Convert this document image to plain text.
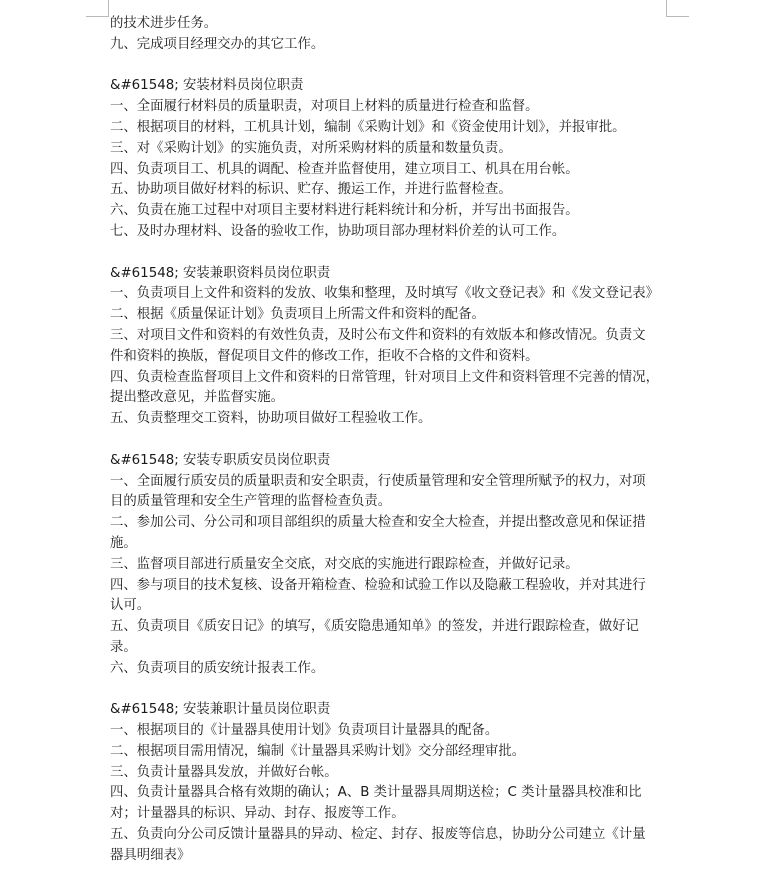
的技术进步任务。
九、完成项目经理交办的其它工作。
&#61548; 安装材料员岗位职责
一、全面履行材料员的质量职责，对项目上材料的质量进行检查和监督。
二、根据项目的材料，工机具计划，编制《采购计划》和《资金使用计划》，并报审批。
三、对《采购计划》的实施负责，对所采购材料的质量和数量负责。
四、负责项目工、机具的调配、检查并监督使用，建立项目工、机具在用台帐。
五、协助项目做好材料的标识、贮存、搬运工作，并进行监督检查。
六、负责在施工过程中对项目主要材料进行耗料统计和分析，并写出书面报告。
七、及时办理材料、设备的验收工作，协助项目部办理材料价差的认可工作。
&#61548; 安装兼职资料员岗位职责
一、负责项目上文件和资料的发放、收集和整理，及时填写《收文登记表》和《发文登记表》
二、根据《质量保证计划》负责项目上所需文件和资料的配备。
三、对项目文件和资料的有效性负责，及时公布文件和资料的有效版本和修改情况。负责文
件和资料的换版，督促项目文件的修改工作，拒收不合格的文件和资料。
四、负责检查监督项目上文件和资料的日常管理，针对项目上文件和资料管理不完善的情况，
提出整改意见，并监督实施。
五、负责整理交工资料，协助项目做好工程验收工作。
&#61548; 安装专职质安员岗位职责
一、全面履行质安员的质量职责和安全职责，行使质量管理和安全管理所赋予的权力，对项
目的质量管理和安全生产管理的监督检查负责。
二、参加公司、分公司和项目部组织的质量大检查和安全大检查，并提出整改意见和保证措
施。
三、监督项目部进行质量安全交底，对交底的实施进行跟踪检查，并做好记录。
四、参与项目的技术复核、设备开箱检查、检验和试验工作以及隐蔽工程验收，并对其进行
认可。
五、负责项目《质安日记》的填写，《质安隐患通知单》的签发，并进行跟踪检查，做好记
录。
六、负责项目的质安统计报表工作。
&#61548; 安装兼职计量员岗位职责
一、根据项目的《计量器具使用计划》负责项目计量器具的配备。
二、根据项目需用情况，编制《计量器具采购计划》交分部经理审批。
三、负责计量器具发放，并做好台帐。
四、负责计量器具合格有效期的确认；A、B 类计量器具周期送检；C 类计量器具校准和比
对；计量器具的标识、异动、封存、报废等工作。
五、负责向分公司反馈计量器具的异动、检定、封存、报废等信息，协助分公司建立《计量
器具明细表》
